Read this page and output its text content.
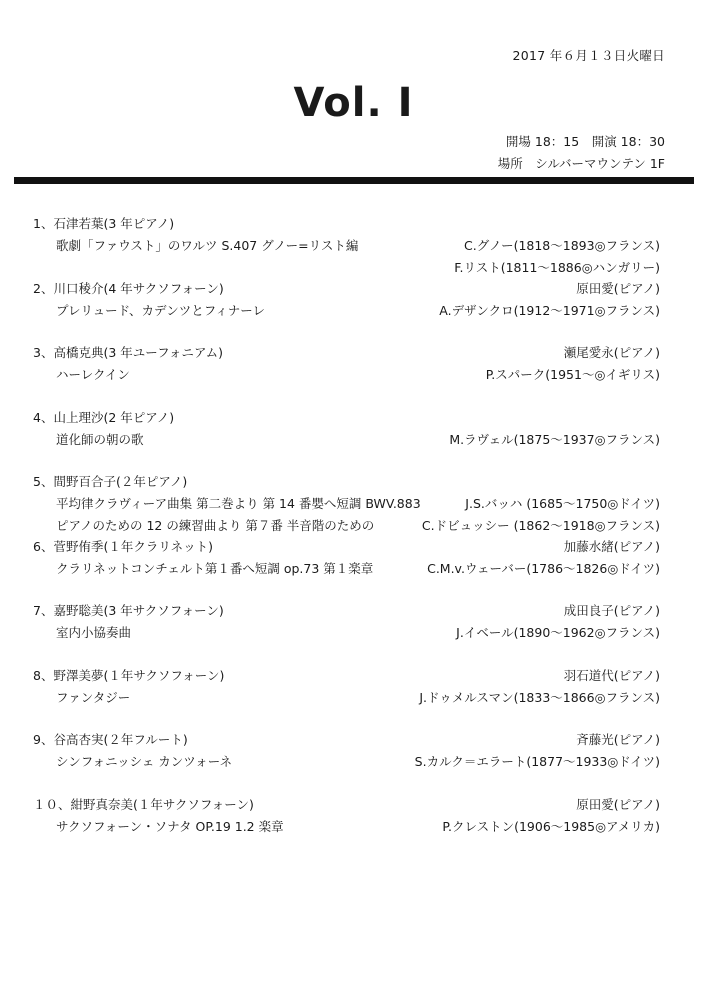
2017 年６月１３日火曜日
Vol. I
開場 18：15　開演 18：30
場所　シルバーマウンテン 1F
1、石津若葉(3 年ピアノ)
歌劇「ファウスト」のワルツ S.407 グノー=リスト編	C.グノー(1818～1893◎フランス)
F.リスト(1811～1886◎ハンガリー)
2、川口稜介(4 年サクソフォーン)	原田愛(ピアノ)
プレリュード、カデンツとフィナーレ	A.デザンクロ(1912～1971◎フランス)
3、高橋克典(3 年ユーフォニアム)	瀬尾愛永(ピアノ)
ハーレクイン	P.スパーク(1951～◎イギリス)
4、山上理沙(2 年ピアノ)
道化師の朝の歌	M.ラヴェル(1875～1937◎フランス)
5、間野百合子(２年ピアノ)
平均律クラヴィーア曲集 第二巻より 第 14 番嬰へ短調 BWV.883	J.S.バッハ (1685～1750◎ドイツ)
ピアノのための 12 の練習曲より 第７番 半音階のための	C.ドビュッシー (1862～1918◎フランス)
6、菅野侑季(１年クラリネット)	加藤水緒(ピアノ)
クラリネットコンチェルト第１番へ短調 op.73 第１楽章	C.M.v.ウェーバー(1786～1826◎ドイツ)
7、嘉野聡美(3 年サクソフォーン)	成田良子(ピアノ)
室内小協奏曲	J.イベール(1890～1962◎フランス)
8、野澤美夢(１年サクソフォーン)	羽石道代(ピアノ)
ファンタジー	J.ドゥメルスマン(1833～1866◎フランス)
9、谷高杏実(２年フルート)	斉藤光(ピアノ)
シンフォニッシェ カンツォーネ	S.カルク＝エラート(1877～1933◎ドイツ)
１０、紺野真奈美(１年サクソフォーン)	原田愛(ピアノ)
サクソフォーン・ソナタ OP.19 1.2 楽章	P.クレストン(1906～1985◎アメリカ)
